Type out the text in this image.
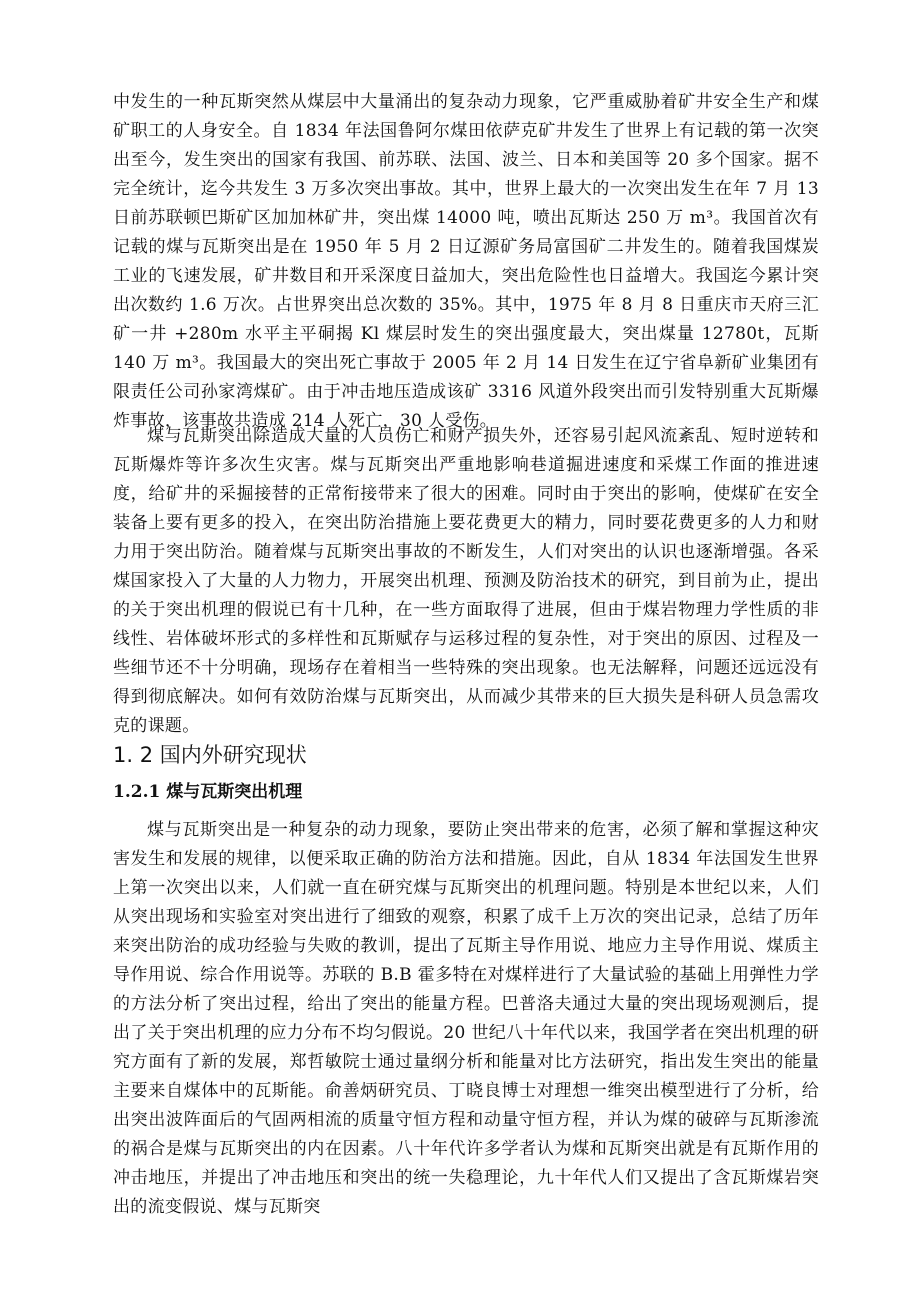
中发生的一种瓦斯突然从煤层中大量涌出的复杂动力现象，它严重威胁着矿井安全生产和煤矿职工的人身安全。自 1834 年法国鲁阿尔煤田依萨克矿井发生了世界上有记载的第一次突出至今，发生突出的国家有我国、前苏联、法国、波兰、日本和美国等 20 多个国家。据不完全统计，迄今共发生 3 万多次突出事故。其中，世界上最大的一次突出发生在年 7 月 13 日前苏联顿巴斯矿区加加林矿井，突出煤 14000 吨，喷出瓦斯达 250 万 m³。我国首次有记载的煤与瓦斯突出是在 1950 年 5 月 2 日辽源矿务局富国矿二井发生的。随着我国煤炭工业的飞速发展，矿井数目和开采深度日益加大，突出危险性也日益增大。我国迄今累计突出次数约 1.6 万次。占世界突出总次数的 35%。其中，1975 年 8 月 8 日重庆市天府三汇矿一井 +280m 水平主平硐揭 Kl 煤层时发生的突出强度最大，突出煤量 12780t，瓦斯 140 万 m³。我国最大的突出死亡事故于 2005 年 2 月 14 日发生在辽宁省阜新矿业集团有限责任公司孙家湾煤矿。由于冲击地压造成该矿 3316 风道外段突出而引发特别重大瓦斯爆炸事故，该事故共造成 214 人死亡，30 人受伤。

煤与瓦斯突出除造成大量的人员伤亡和财产损失外，还容易引起风流紊乱、短时逆转和瓦斯爆炸等许多次生灾害。煤与瓦斯突出严重地影响巷道掘进速度和采煤工作面的推进速度，给矿井的采掘接替的正常衔接带来了很大的困难。同时由于突出的影响，使煤矿在安全装备上要有更多的投入，在突出防治措施上要花费更大的精力，同时要花费更多的人力和财力用于突出防治。随着煤与瓦斯突出事故的不断发生，人们对突出的认识也逐渐增强。各采煤国家投入了大量的人力物力，开展突出机理、预测及防治技术的研究，到目前为止，提出的关于突出机理的假说已有十几种，在一些方面取得了进展，但由于煤岩物理力学性质的非线性、岩体破坏形式的多样性和瓦斯赋存与运移过程的复杂性，对于突出的原因、过程及一些细节还不十分明确，现场存在着相当一些特殊的突出现象。也无法解释，问题还远远没有得到彻底解决。如何有效防治煤与瓦斯突出，从而减少其带来的巨大损失是科研人员急需攻克的课题。

1. 2 国内外研究现状
1.2.1 煤与瓦斯突出机理

煤与瓦斯突出是一种复杂的动力现象，要防止突出带来的危害，必须了解和掌握这种灾害发生和发展的规律，以便采取正确的防治方法和措施。因此，自从 1834 年法国发生世界上第一次突出以来，人们就一直在研究煤与瓦斯突出的机理问题。特别是本世纪以来，人们从突出现场和实验室对突出进行了细致的观察，积累了成千上万次的突出记录，总结了历年来突出防治的成功经验与失败的教训，提出了瓦斯主导作用说、地应力主导作用说、煤质主导作用说、综合作用说等。苏联的 B.B 霍多特在对煤样进行了大量试验的基础上用弹性力学的方法分析了突出过程，给出了突出的能量方程。巴普洛夫通过大量的突出现场观测后，提出了关于突出机理的应力分布不均匀假说。20 世纪八十年代以来，我国学者在突出机理的研究方面有了新的发展，郑哲敏院士通过量纲分析和能量对比方法研究，指出发生突出的能量主要来自煤体中的瓦斯能。俞善炳研究员、丁晓良博士对理想一维突出模型进行了分析，给出突出波阵面后的气固两相流的质量守恒方程和动量守恒方程，并认为煤的破碎与瓦斯渗流的祸合是煤与瓦斯突出的内在因素。八十年代许多学者认为煤和瓦斯突出就是有瓦斯作用的冲击地压，并提出了冲击地压和突出的统一失稳理论，九十年代人们又提出了含瓦斯煤岩突出的流变假说、煤与瓦斯突
